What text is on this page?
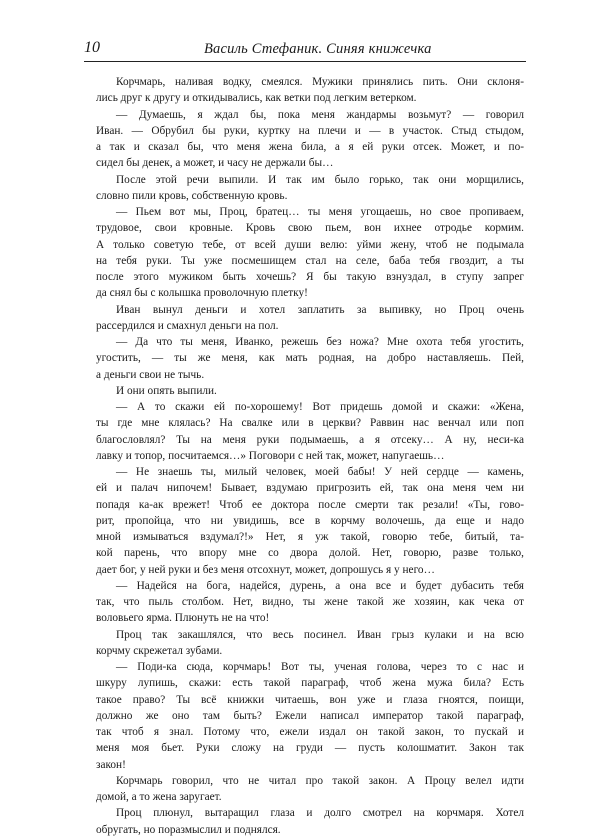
10	Василь Стефаник. Синяя книжечка
Корчмарь, наливая водку, смеялся. Мужики принялись пить. Они склоня-
лись друг к другу и откидывались, как ветки под легким ветерком.
— Думаешь, я ждал бы, пока меня жандармы возьмут? — говорил
Иван. — Обрубил бы руки, куртку на плечи и — в участок. Стыд стыдом,
а так и сказал бы, что меня жена била, а я ей руки отсек. Может, и по-
сидел бы денек, а может, и часу не держали бы…
После этой речи выпили. И так им было горько, так они морщились,
словно пили кровь, собственную кровь.
— Пьем вот мы, Проц, братец… ты меня угощаешь, но свое пропиваем,
трудовое, свои кровные. Кровь свою пьем, вон ихнее отродье кормим.
А только советую тебе, от всей души велю: уйми жену, чтоб не подымала
на тебя руки. Ты уже посмешищем стал на селе, баба тебя гвоздит, а ты
после этого мужиком быть хочешь? Я бы такую взнуздал, в ступу запрег
да снял бы с колышка проволочную плетку!
Иван вынул деньги и хотел заплатить за выпивку, но Проц очень
рассердился и смахнул деньги на пол.
— Да что ты меня, Иванко, режешь без ножа? Мне охота тебя угостить,
угостить, — ты же меня, как мать родная, на добро наставляешь. Пей,
а деньги свои не тычь.
И они опять выпили.
— А то скажи ей по-хорошему! Вот придешь домой и скажи: «Жена,
ты где мне клялась? На свалке или в церкви? Раввин нас венчал или поп
благословлял? Ты на меня руки подымаешь, а я отсеку… А ну, неси-ка
лавку и топор, посчитаемся…» Поговори с ней так, может, напугаешь…
— Не знаешь ты, милый человек, моей бабы! У ней сердце — камень,
ей и палач нипочем! Бывает, вздумаю пригрозить ей, так она меня чем ни
попадя ка-ак врежет! Чтоб ее доктора после смерти так резали! «Ты, гово-
рит, пропойца, что ни увидишь, все в корчму волочешь, да еще и надо
мной измываться вздумал?!» Нет, я уж такой, говорю тебе, битый, та-
кой парень, что впору мне со двора долой. Нет, говорю, разве только,
дает бог, у ней руки и без меня отсохнут, может, допрошусь я у него…
— Надейся на бога, надейся, дурень, а она все и будет дубасить тебя
так, что пыль столбом. Нет, видно, ты жене такой же хозяин, как чека от
воловьего ярма. Плюнуть не на что!
Проц так закашлялся, что весь посинел. Иван грыз кулаки и на всю
корчму скрежетал зубами.
— Поди-ка сюда, корчмарь! Вот ты, ученая голова, через то с нас и
шкуру лупишь, скажи: есть такой параграф, чтоб жена мужа била? Есть
такое право? Ты всё книжки читаешь, вон уже и глаза гноятся, поищи,
должно же оно там быть? Ежели написал император такой параграф,
так чтоб я знал. Потому что, ежели издал он такой закон, то пускай и
меня моя бьет. Руки сложу на груди — пусть колошматит. Закон так
закон!
Корчмарь говорил, что не читал про такой закон. А Процу велел идти
домой, а то жена заругает.
Проц плюнул, вытаращил глаза и долго смотрел на корчмаря. Хотел
обругать, но поразмыслил и поднялся.
